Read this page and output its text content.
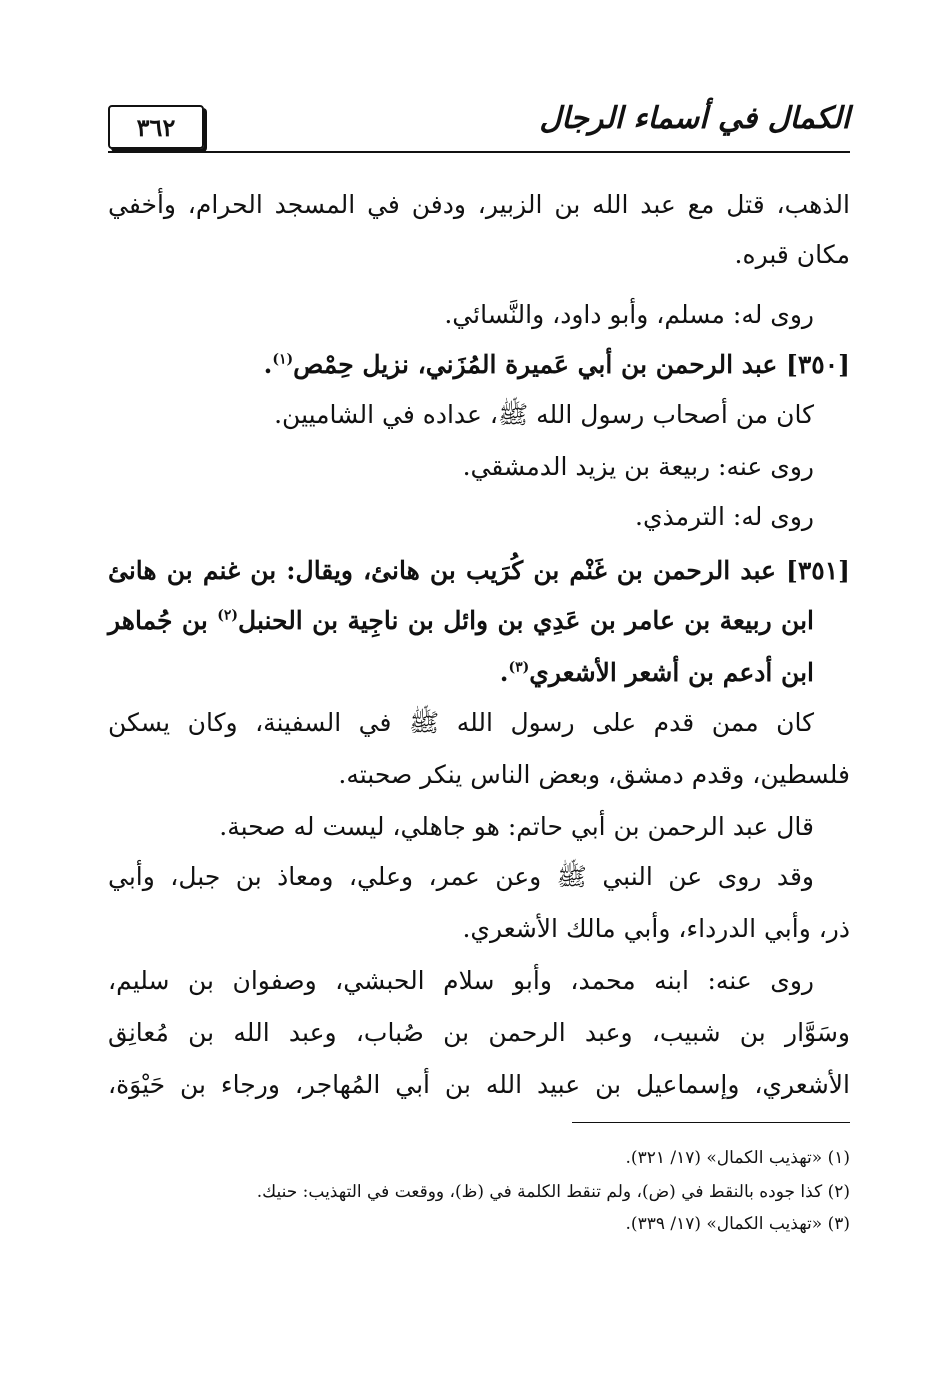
٣٦٢	الكمال في أسماء الرجال
الذهب، قتل مع عبد الله بن الزبير، ودفن في المسجد الحرام، وأخفي
مكان قبره.
روى له: مسلم، وأبو داود، والنَّسائي.
[٣٥٠] عبد الرحمن بن أبي عَميرة المُزَني، نزيل حِمْص$^{(١)}$.
كان من أصحاب رسول الله ﷺ، عداده في الشاميين.
روى عنه: ربيعة بن يزيد الدمشقي.
روى له: الترمذي.
[٣٥١] عبد الرحمن بن غَنْم بن كُرَيب بن هانئ، ويقال: بن غنم بن هانئ
ابن ربيعة بن عامر بن عَدِي بن وائل بن ناجِية بن الحنبل$^{(٢)}$ بن جُماهر
ابن أدعم بن أشعر الأشعري$^{(٣)}$.
كان ممن قدم على رسول الله ﷺ في السفينة، وكان يسكن
فلسطين، وقدم دمشق، وبعض الناس ينكر صحبته.
قال عبد الرحمن بن أبي حاتم: هو جاهلي، ليست له صحبة.
وقد روى عن النبي ﷺ وعن عمر، وعلي، ومعاذ بن جبل، وأبي
ذر، وأبي الدرداء، وأبي مالك الأشعري.
روى عنه: ابنه محمد، وأبو سلام الحبشي، وصفوان بن سليم،
وسَوَّار بن شبيب، وعبد الرحمن بن صُباب، وعبد الله بن مُعانِق
الأشعري، وإسماعيل بن عبيد الله بن أبي المُهاجر، ورجاء بن حَيْوَة،
(١) «تهذيب الكمال» (١٧/ ٣٢١).
(٢) كذا جوده بالنقط في (ض)، ولم تنقط الكلمة في (ظ)، ووقعت في التهذيب: حنيك.
(٣) «تهذيب الكمال» (١٧/ ٣٣٩).
